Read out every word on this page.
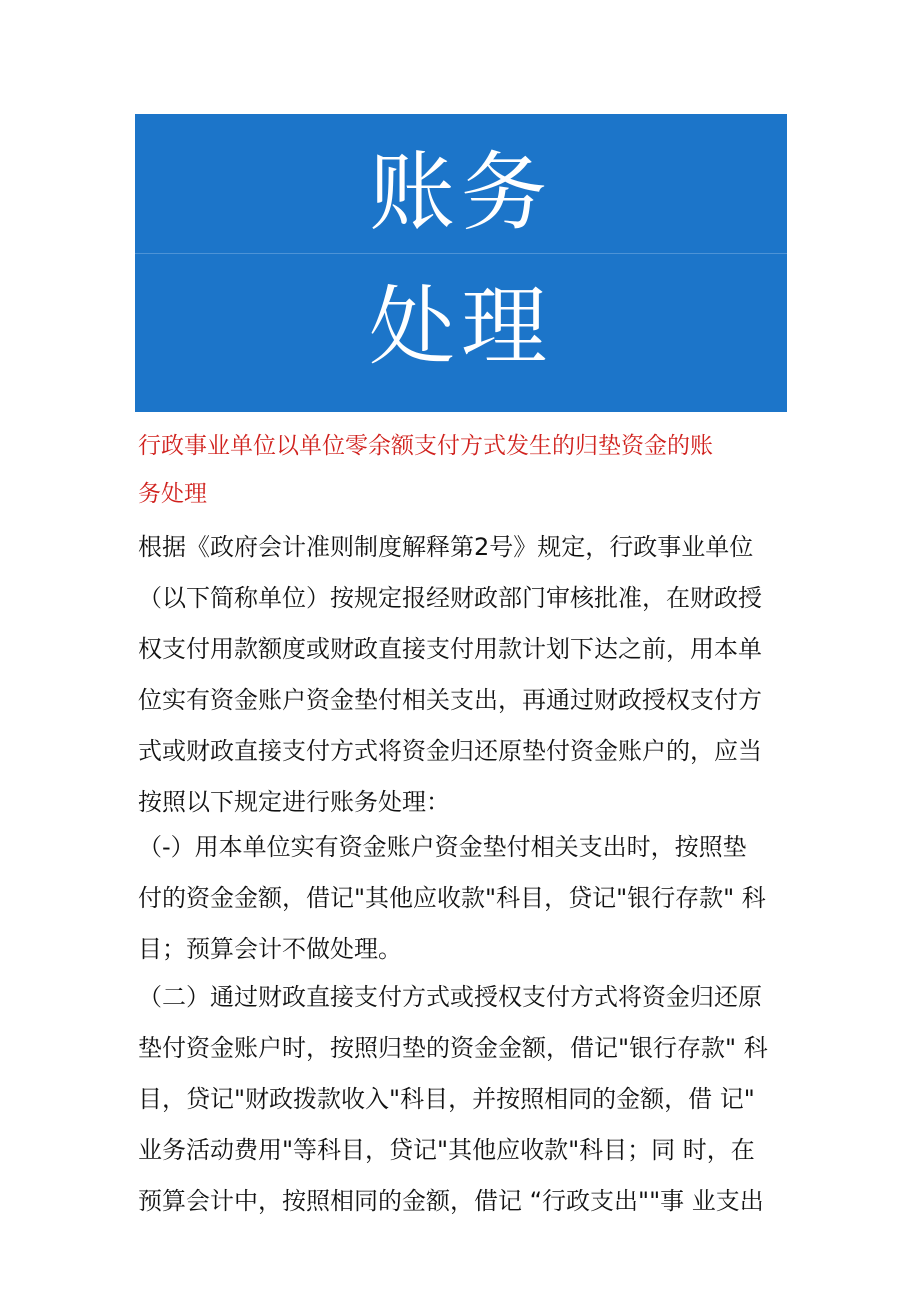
账务
处理
行政事业单位以单位零余额支付方式发生的归垫资金的账
务处理
根据《政府会计准则制度解释第2号》规定，行政事业单位
（以下简称单位）按规定报经财政部门审核批准，在财政授
权支付用款额度或财政直接支付用款计划下达之前，用本单
位实有资金账户资金垫付相关支出，再通过财政授权支付方
式或财政直接支付方式将资金归还原垫付资金账户的，应当
按照以下规定进行账务处理：
（-）用本单位实有资金账户资金垫付相关支出时，按照垫
付的资金金额，借记"其他应收款"科目，贷记"银行存款" 科
目；预算会计不做处理。
（二）通过财政直接支付方式或授权支付方式将资金归还原
垫付资金账户时，按照归垫的资金金额，借记"银行存款" 科
目，贷记"财政拨款收入"科目，并按照相同的金额，借 记"
业务活动费用"等科目，贷记"其他应收款"科目；同 时，在
预算会计中，按照相同的金额，借记 “行政支出""事 业支出
